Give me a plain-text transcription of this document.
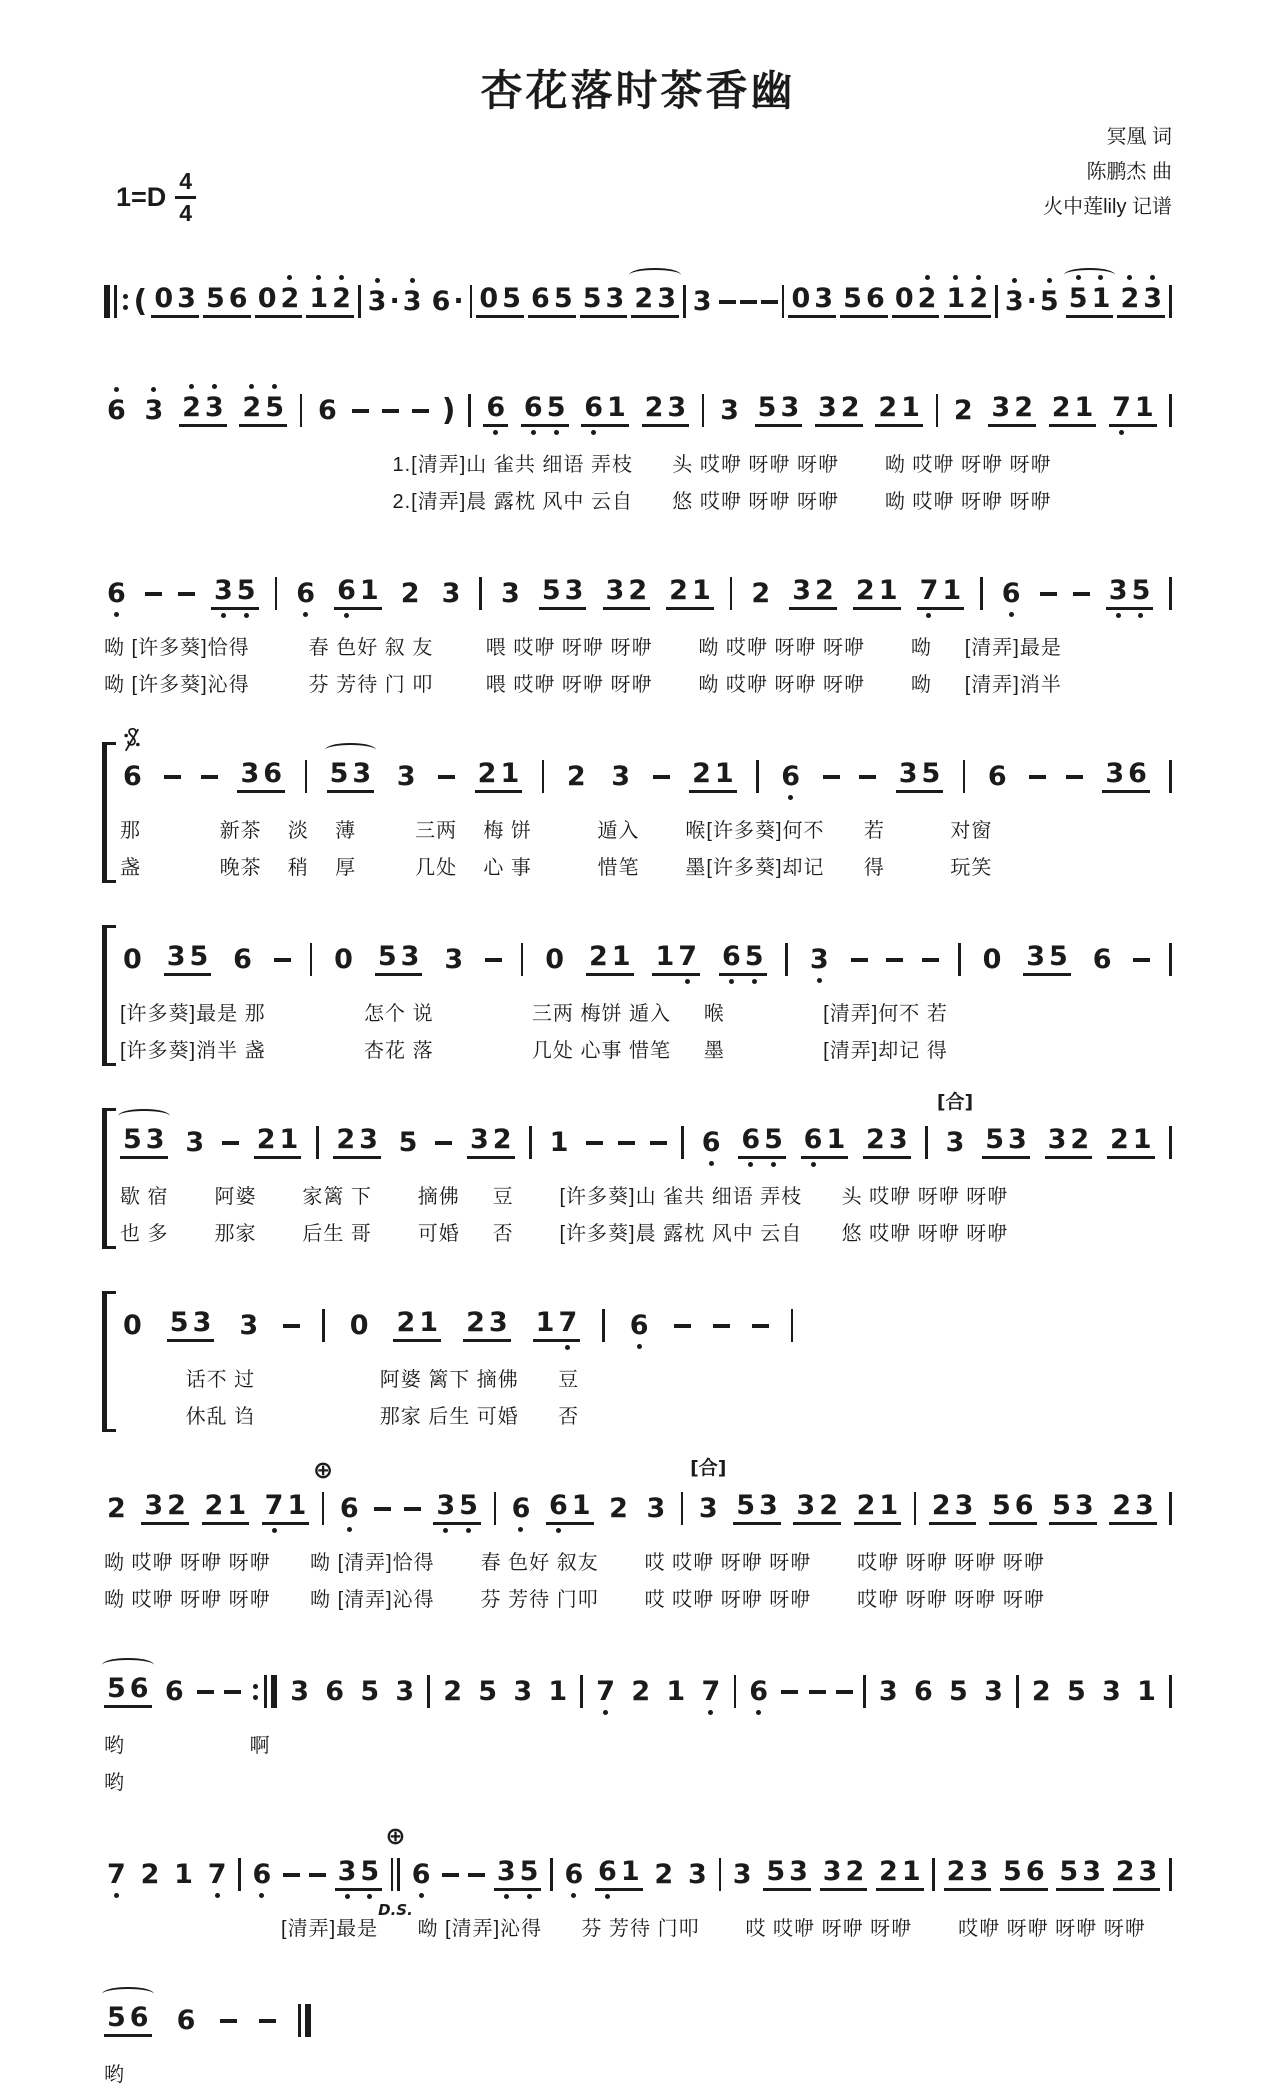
杏花落时茶香幽
$1=D \frac{4}{4}$
冥凰 词
陈鹏杰 曲
火中莲lily 记谱
( 0 3 5 6 0 2 1 2 3 · 3 6 · 0 5 6 5 5 3 2 3 3	0 3 5 6 0 2 1 2 3 · 5 5 1 2 3
6 3 2 3 2 5 6	) 6 6 5 6 1 2 3 3 5 3 3 2 2 1 2 3 2 2 1 7 1
1.[清弄]山 雀共 细语 弄枝      头 哎咿 呀咿 呀咿       呦 哎咿 呀咿 呀咿
2.[清弄]晨 露枕 风中 云自      悠 哎咿 呀咿 呀咿       呦 哎咿 呀咿 呀咿
6	3 5 6 6 1 2 3 3 5 3 3 2 2 1 2 3 2 2 1 7 1 6	3 5
呦 [许多葵]恰得         春 色好 叙 友        喂 哎咿 呀咿 呀咿       呦 哎咿 呀咿 呀咿       呦     [清弄]最是
呦 [许多葵]沁得         芬 芳待 门 叩        喂 哎咿 呀咿 呀咿       呦 哎咿 呀咿 呀咿       呦     [清弄]消半
6	3 6 5 3 3 2 1 2 3 2 1 6	3 5 6	3 6
那            新茶    淡    薄         三两    梅 饼          遁入       喉[许多葵]何不      若          对窗
盏            晚茶    稍    厚         几处    心 事          惜笔       墨[许多葵]却记      得          玩笑
0 3 5 6	0 5 3 3	0 2 1 1 7 6 5 3	0 3 5 6
[许多葵]最是 那               怎个 说               三两 梅饼 遁入     喉               [清弄]何不 若
[许多葵]消半 盏               杏花 落               几处 心事 惜笔     墨               [清弄]却记 得
5 3 3 2 1 2 3 5 3 2 1	6 6 5 6 1 2 3
[合]
3 5 3 3 2 2 1
歇 宿       阿婆       家篱 下       摘佛     豆       [许多葵]山 雀共 细语 弄枝      头 哎咿 呀咿 呀咿
也 多       那家       后生 哥       可婚     否       [许多葵]晨 露枕 风中 云自      悠 哎咿 呀咿 呀咿
0 5 3 3	0 2 1 2 3 1 7 6
话不 过                   阿婆 篱下 摘佛      豆
休乱 诌                   那家 后生 可婚      否
2 3 2 2 1 7 1
⊕
6	3 5 6 6 1 2 3
[合]
3 5 3 3 2 2 1 2 3 5 6 5 3 2 3
呦 哎咿 呀咿 呀咿      呦 [清弄]恰得       春 色好 叙友       哎 哎咿 呀咿 呀咿       哎咿 呀咿 呀咿 呀咿
呦 哎咿 呀咿 呀咿      呦 [清弄]沁得       芬 芳待 门叩       哎 哎咿 呀咿 呀咿       哎咿 呀咿 呀咿 呀咿
5 6 6	3 6 5 3 2 5 3 1 7 2 1 7 6	3 6 5 3 2 5 3 1
哟                   啊
哟
7 2 1 7 6 3 5
⊕
D.S.
6 3 5 6 6 1 2 3 3 5 3 3 2 2 1 2 3 5 6 5 3 2 3
[清弄]最是      呦 [清弄]沁得      芬 芳待 门叩       哎 哎咿 呀咿 呀咿       哎咿 呀咿 呀咿 呀咿
5 6 6
哟
